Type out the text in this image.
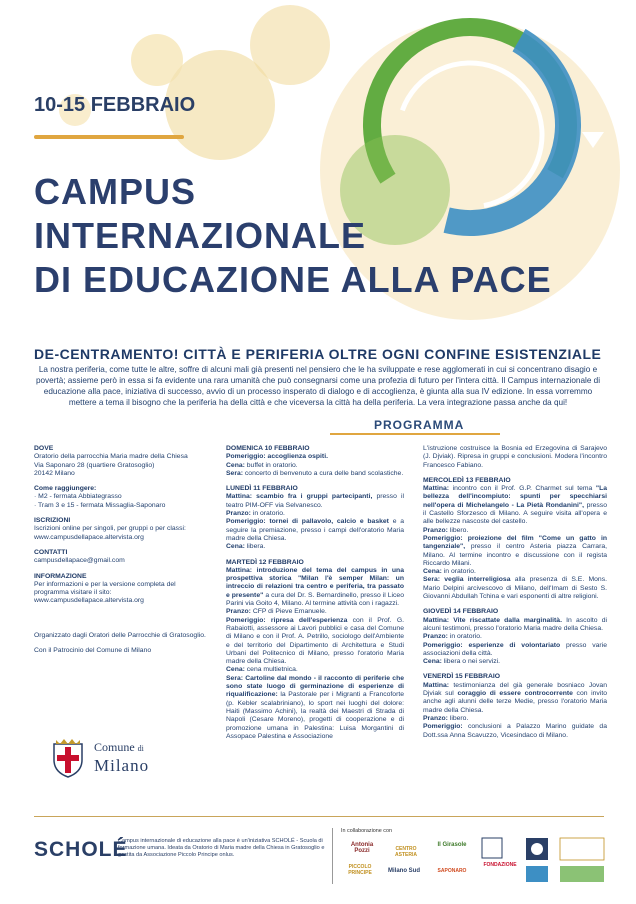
10-15 FEBBRAIO
CAMPUS
INTERNAZIONALE
DI EDUCAZIONE ALLA PACE
DE-CENTRAMENTO! CITTÀ E PERIFERIA OLTRE OGNI CONFINE ESISTENZIALE

La nostra periferia, come tutte le altre, soffre di alcuni mali già presenti nel pensiero che le ha sviluppate e rese agglomerati in cui si concentrano disagio e povertà; assieme però in essa si fa evidente una rara umanità che può consegnarsi come una profezia di futuro per l'intera città. Il Campus internazionale di educazione alla pace, iniziativa di successo, avvio di un processo insperato di dialogo e di accoglienza, è giunta alla sua IV edizione. In essa vorremmo mettere a tema il bisogno che la periferia ha della città e che viceversa la città ha della periferia. La vera integrazione passa anche da qui!

PROGRAMMA
DOVE
Oratorio della parrocchia Maria madre della Chiesa
Via Saponaro 28 (quartiere Gratosoglio)
20142 Milano
Come raggiungere:
· M2 - fermata Abbiategrasso
· Tram 3 e 15 - fermata Missaglia-Saponaro
ISCRIZIONI
Iscrizioni online per singoli, per gruppi o per classi:
www.campusdellapace.altervista.org
CONTATTI
campusdellapace@gmail.com
INFORMAZIONE
Per informazioni e per la versione completa del programma visitare il sito:
www.campusdellapace.altervista.org
Organizzato dagli Oratori delle Parrocchie di Gratosoglio.
Con il Patrocinio del Comune di Milano
Comune di
Milano
DOMENICA 10 FEBBRAIO
Pomeriggio: accoglienza ospiti.
Cena: buffet in oratorio.
Sera: concerto di benvenuto a cura delle band scolastiche.
LUNEDÌ 11 FEBBRAIO
Mattina: scambio fra i gruppi partecipanti, presso il teatro PIM-OFF via Selvanesco.
Pranzo: in oratorio.
Pomeriggio: tornei di pallavolo, calcio e basket e a seguire la premiazione, presso i campi dell'oratorio Maria madre della Chiesa.
Cena: libera.
MARTEDÌ 12 FEBBRAIO
Mattina: introduzione del tema del campus in una prospettiva storica "Milan l'è semper Milan: un intreccio di relazioni tra centro e periferia, tra passato e presente" a cura del Dr. S. Bernardinello, presso il Liceo Parini via Goito 4, Milano. Al termine attività con i ragazzi.
Pranzo: CFP di Pieve Emanuele.
Pomeriggio: ripresa dell'esperienza con il Prof. G. Rabaiotti, assessore ai Lavori pubblici e casa del Comune di Milano e con il Prof. A. Petrillo, sociologo dell'Ambiente e del territorio del Dipartimento di Architettura e Studi Urbani del Politecnico di Milano, presso l'oratorio Maria madre della Chiesa.
Cena: cena multietnica.
Sera: Cartoline dal mondo - il racconto di periferie che sono state luogo di germinazione di esperienze di riqualificazione: la Pastorale per i Migranti a Francoforte (p. Kebler scalabriniano), lo sport nei luoghi del dolore: Haiti (Massimo Achini), la realtà dei Maestri di Strada di Napoli (Cesare Moreno), progetti di cooperazione e di promozione umana in Palestina: Luisa Morgantini di Assopace Palestina e Associazione
L'istruzione costruisce la Bosnia ed Erzegovina di Sarajevo (J. Djviak). Ripresa in gruppi e conclusioni. Modera l'incontro Francesco Fabiano.
MERCOLEDÌ 13 FEBBRAIO
Mattina: incontro con il Prof. G.P. Charmet sul tema "La bellezza dell'incompiuto: spunti per specchiarsi nell'opera di Michelangelo - La Pietà Rondanini", presso il Castello Sforzesco di Milano. A seguire visita all'opera e alle bellezze nascoste del castello.
Pranzo: libero.
Pomeriggio: proiezione del film "Come un gatto in tangenziale", presso il centro Asteria piazza Carrara, Milano. Al termine incontro e discussione con il regista Riccardo Milani.
Cena: in oratorio.
Sera: veglia interreligiosa alla presenza di S.E. Mons. Mario Delpini arcivescovo di Milano, dell'Imam di Sesto S. Giovanni Abdullah Tchina e vari esponenti di altre religioni.
GIOVEDÌ 14 FEBBRAIO
Mattina: Vite riscattate dalla marginalità. In ascolto di alcuni testimoni, presso l'oratorio Maria madre della Chiesa.
Pranzo: in oratorio.
Pomeriggio: esperienze di volontariato presso varie associazioni della città.
Cena: libera o nei servizi.
VENERDÌ 15 FEBBRAIO
Mattina: testimonianza del già generale bosniaco Jovan Djviak sul coraggio di essere controcorrente con invito anche agli alunni delle terze Medie, presso l'oratorio Maria madre della Chiesa.
Pranzo: libero.
Pomeriggio: conclusioni a Palazzo Marino guidate da Dott.ssa Anna Scavuzzo, Vicesindaco di Milano.
SCHOLÉ
Campus internazionale di educazione alla pace è un'iniziativa SCHOLÉ - Scuola di formazione umana. Ideata da Oratorio di Maria madre della Chiesa in Gratosoglio e gestita da Associazione Piccolo Principe onlus.
In collaborazione con
Antonia Pozzi	CENTRO ASTERIA
Il Girasole
Milano Sud
PICCOLO PRINCIPE	SAPONARO
FONDAZIONE
